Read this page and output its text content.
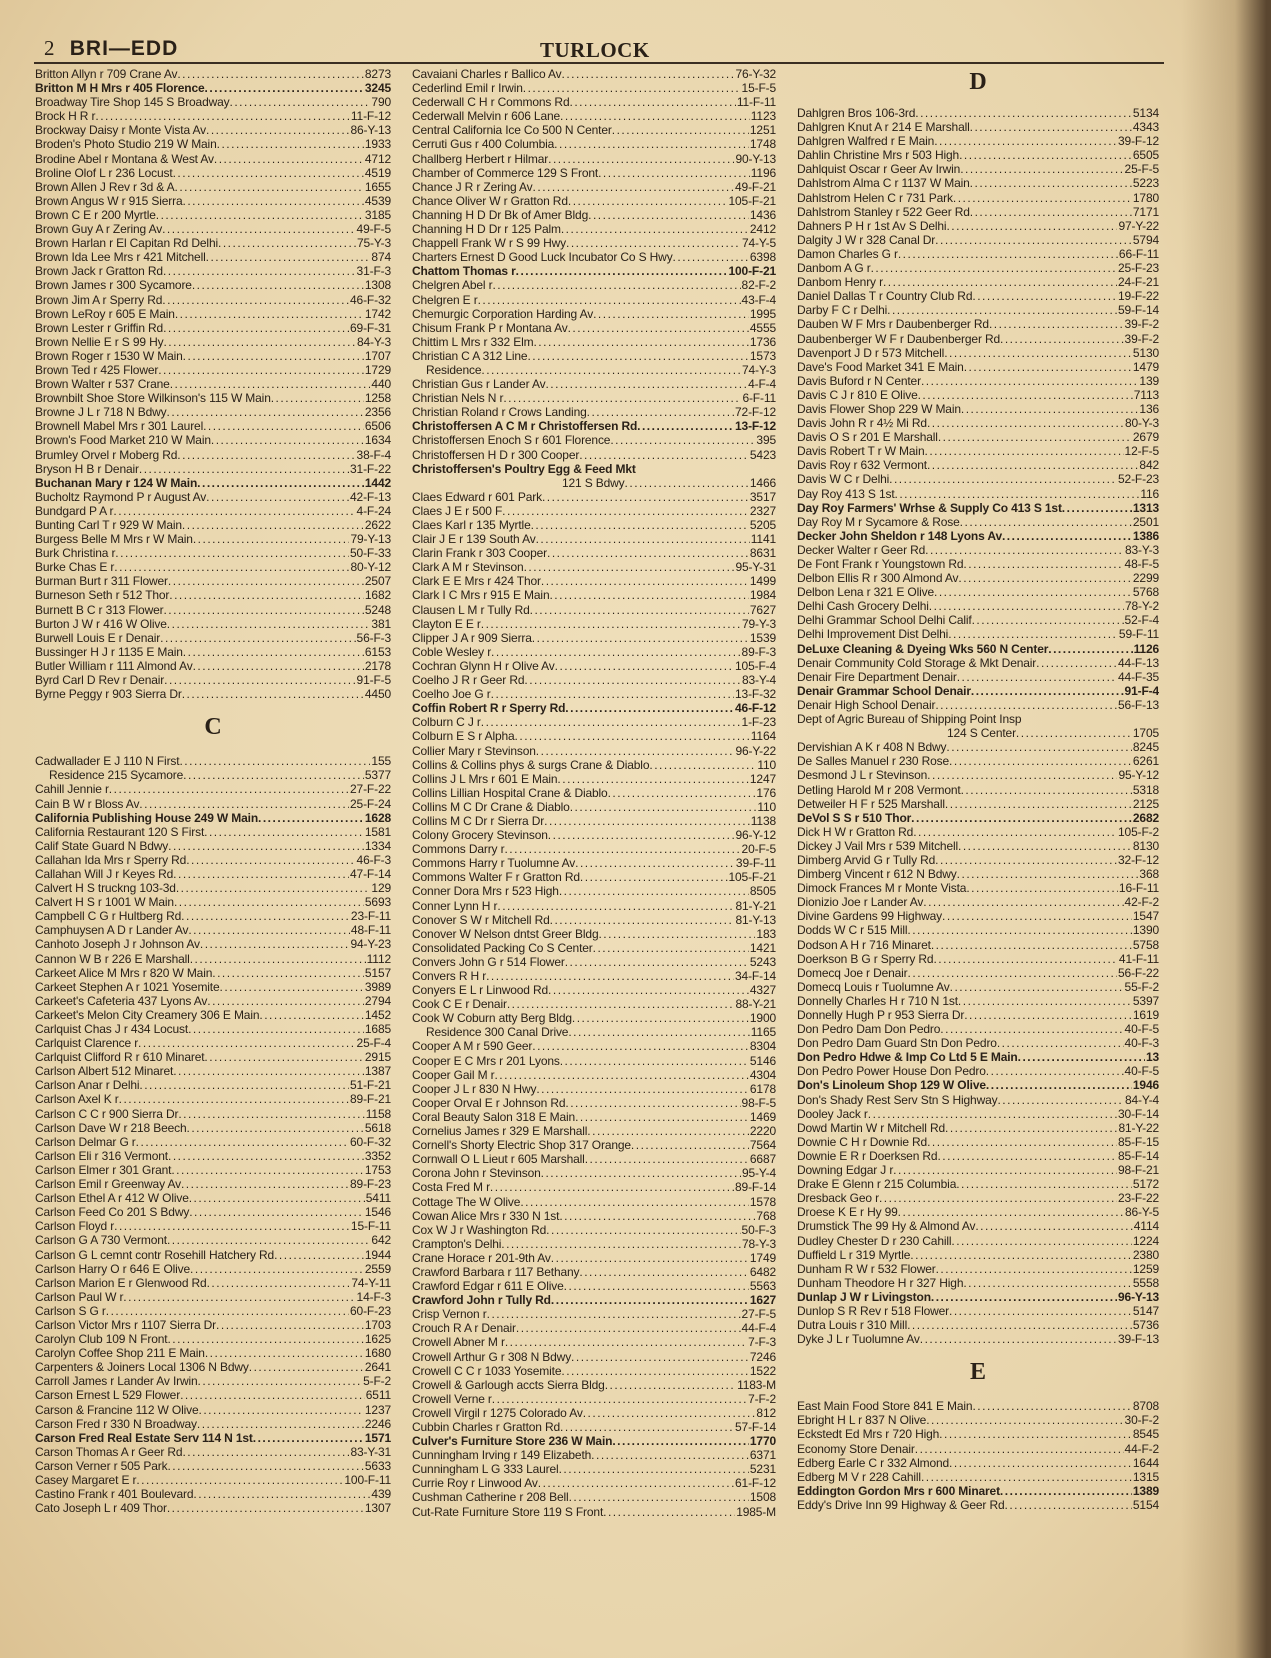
2 BRI—EDD	TURLOCK
Britton Allyn r 709 Crane Av .....	8273
Britton M H Mrs r 405 Florence .....	3245
Broadway Tire Shop 145 S Broadway .....	790
Brock H R r .....	11-F-12
Brockway Daisy r Monte Vista Av .....	86-Y-13
Broden's Photo Studio 219 W Main .....	1933
Brodine Abel r Montana & West Av .....	4712
Broline Olof L r 236 Locust .....	4519
Brown Allen J Rev r 3d & A .....	1655
Brown Angus W r 915 Sierra .....	4539
Brown C E r 200 Myrtle .....	3185
Brown Guy A r Zering Av .....	49-F-5
Brown Harlan r El Capitan Rd Delhi .....	75-Y-3
Brown Ida Lee Mrs r 421 Mitchell .....	874
Brown Jack r Gratton Rd .....	31-F-3
Brown James r 300 Sycamore .....	1308
Brown Jim A r Sperry Rd .....	46-F-32
Brown LeRoy r 605 E Main .....	1742
Brown Lester r Griffin Rd .....	69-F-31
Brown Nellie E r S 99 Hy .....	84-Y-3
Brown Roger r 1530 W Main .....	1707
Brown Ted r 425 Flower .....	1729
Brown Walter r 537 Crane .....	440
Brownbilt Shoe Store Wilkinson's 115 W Main .....	1258
Browne J L r 718 N Bdwy .....	2356
Brownell Mabel Mrs r 301 Laurel .....	6506
Brown's Food Market 210 W Main .....	1634
Brumley Orvel r Moberg Rd .....	38-F-4
Bryson H B r Denair .....	31-F-22
Buchanan Mary r 124 W Main .....	1442
Bucholtz Raymond P r August Av .....	42-F-13
Bundgard P A r .....	4-F-24
Bunting Carl T r 929 W Main .....	2622
Burgess Belle M Mrs r W Main .....	79-Y-13
Burk Christina r .....	50-F-33
Burke Chas E r .....	80-Y-12
Burman Burt r 311 Flower .....	2507
Burneson Seth r 512 Thor .....	1682
Burnett B C r 313 Flower .....	5248
Burton J W r 416 W Olive .....	381
Burwell Louis E r Denair .....	56-F-3
Bussinger H J r 1135 E Main .....	6153
Butler William r 111 Almond Av .....	2178
Byrd Carl D Rev r Denair .....	91-F-5
Byrne Peggy r 903 Sierra Dr .....	4450
C
Cadwallader E J 110 N First .....	155
Residence 215 Sycamore .....	5377
Cahill Jennie r .....	27-F-22
Cain B W r Bloss Av .....	25-F-24
California Publishing House 249 W Main .....	1628
California Restaurant 120 S First .....	1581
Calif State Guard N Bdwy .....	1334
Callahan Ida Mrs r Sperry Rd .....	46-F-3
Callahan Will J r Keyes Rd .....	47-F-14
Calvert H S truckng 103-3d .....	129
Calvert H S r 1001 W Main .....	5693
Campbell C G r Hultberg Rd .....	23-F-11
Camphuysen A D r Lander Av .....	48-F-11
Canhoto Joseph J r Johnson Av .....	94-Y-23
Cannon W B r 226 E Marshall .....	1112
Carkeet Alice M Mrs r 820 W Main .....	5157
Carkeet Stephen A r 1021 Yosemite .....	3989
Carkeet's Cafeteria 437 Lyons Av .....	2794
Carkeet's Melon City Creamery 306 E Main .....	1452
Carlquist Chas J r 434 Locust .....	1685
Carlquist Clarence r .....	25-F-4
Carlquist Clifford R r 610 Minaret .....	2915
Carlson Albert 512 Minaret .....	1387
Carlson Anar r Delhi .....	51-F-21
Carlson Axel K r .....	89-F-21
Carlson C C r 900 Sierra Dr .....	1158
Carlson Dave W r 218 Beech .....	5618
Carlson Delmar G r .....	60-F-32
Carlson Eli r 316 Vermont .....	3352
Carlson Elmer r 301 Grant .....	1753
Carlson Emil r Greenway Av .....	89-F-23
Carlson Ethel A r 412 W Olive .....	5411
Carlson Feed Co 201 S Bdwy .....	1546
Carlson Floyd r .....	15-F-11
Carlson G A 730 Vermont .....	642
Carlson G L cemnt contr Rosehill Hatchery Rd .....	1944
Carlson Harry O r 646 E Olive .....	2559
Carlson Marion E r Glenwood Rd .....	74-Y-11
Carlson Paul W r .....	14-F-3
Carlson S G r .....	60-F-23
Carlson Victor Mrs r 1107 Sierra Dr .....	1703
Carolyn Club 109 N Front .....	1625
Carolyn Coffee Shop 211 E Main .....	1680
Carpenters & Joiners Local 1306 N Bdwy .....	2641
Carroll James r Lander Av Irwin .....	5-F-2
Carson Ernest L 529 Flower .....	6511
Carson & Francine 112 W Olive .....	1237
Carson Fred r 330 N Broadway .....	2246
Carson Fred Real Estate Serv 114 N 1st .....	1571
Carson Thomas A r Geer Rd .....	83-Y-31
Carson Verner r 505 Park .....	5633
Casey Margaret E r .....	100-F-11
Castino Frank r 401 Boulevard .....	439
Cato Joseph L r 409 Thor .....	1307
Cavaiani Charles r Ballico Av .....	76-Y-32
Cederlind Emil r Irwin .....	15-F-5
Cederwall C H r Commons Rd .....	11-F-11
Cederwall Melvin r 606 Lane .....	1123
Central California Ice Co 500 N Center .....	1251
Cerruti Gus r 400 Columbia .....	1748
Challberg Herbert r Hilmar .....	90-Y-13
Chamber of Commerce 129 S Front .....	1196
Chance J R r Zering Av .....	49-F-21
Chance Oliver W r Gratton Rd .....	105-F-21
Channing H D Dr Bk of Amer Bldg .....	1436
Channing H D Dr r 125 Palm .....	2412
Chappell Frank W r S 99 Hwy .....	74-Y-5
Charters Ernest D Good Luck Incubator Co S Hwy .....	6398
Chattom Thomas r .....	100-F-21
Chelgren Abel r .....	82-F-2
Chelgren E r .....	43-F-4
Chemurgic Corporation Harding Av .....	1995
Chisum Frank P r Montana Av .....	4555
Chittim L Mrs r 332 Elm .....	1736
Christian C A 312 Line .....	1573
Residence .....	74-Y-3
Christian Gus r Lander Av .....	4-F-4
Christian Nels N r .....	6-F-11
Christian Roland r Crows Landing .....	72-F-12
Christoffersen A C M r Christoffersen Rd .....	13-F-12
Christoffersen Enoch S r 601 Florence .....	395
Christoffersen H D r 300 Cooper .....	5423
Christoffersen's Poultry Egg & Feed Mkt
121 S Bdwy .....	1466
Claes Edward r 601 Park .....	3517
Claes J E r 500 F .....	2327
Claes Karl r 135 Myrtle .....	5205
Clair J E r 139 South Av .....	1141
Clarin Frank r 303 Cooper .....	8631
Clark A M r Stevinson .....	95-Y-31
Clark E E Mrs r 424 Thor .....	1499
Clark I C Mrs r 915 E Main .....	1984
Clausen L M r Tully Rd .....	7627
Clayton E E r .....	79-Y-3
Clipper J A r 909 Sierra .....	1539
Coble Wesley r .....	89-F-3
Cochran Glynn H r Olive Av .....	105-F-4
Coelho J R r Geer Rd .....	83-Y-4
Coelho Joe G r .....	13-F-32
Coffin Robert R r Sperry Rd .....	46-F-12
Colburn C J r .....	1-F-23
Colburn E S r Alpha .....	1164
Collier Mary r Stevinson .....	96-Y-22
Collins & Collins phys & surgs Crane & Diablo .....	110
Collins J L Mrs r 601 E Main .....	1247
Collins Lillian Hospital Crane & Diablo .....	176
Collins M C Dr Crane & Diablo .....	110
Collins M C Dr r Sierra Dr .....	1138
Colony Grocery Stevinson .....	96-Y-12
Commons Darry r .....	20-F-5
Commons Harry r Tuolumne Av .....	39-F-11
Commons Walter F r Gratton Rd .....	105-F-21
Conner Dora Mrs r 523 High .....	8505
Conner Lynn H r .....	81-Y-21
Conover S W r Mitchell Rd .....	81-Y-13
Conover W Nelson dntst Greer Bldg .....	183
Consolidated Packing Co S Center .....	1421
Convers John G r 514 Flower .....	5243
Convers R H r .....	34-F-14
Conyers E L r Linwood Rd .....	4327
Cook C E r Denair .....	88-Y-21
Cook W Coburn atty Berg Bldg .....	1900
Residence 300 Canal Drive .....	1165
Cooper A M r 590 Geer .....	8304
Cooper E C Mrs r 201 Lyons .....	5146
Cooper Gail M r .....	4304
Cooper J L r 830 N Hwy .....	6178
Cooper Orval E r Johnson Rd .....	98-F-5
Coral Beauty Salon 318 E Main .....	1469
Cornelius James r 329 E Marshall .....	2220
Cornell's Shorty Electric Shop 317 Orange .....	7564
Cornwall O L Lieut r 605 Marshall .....	6687
Corona John r Stevinson .....	95-Y-4
Costa Fred M r .....	89-F-14
Cottage The W Olive .....	1578
Cowan Alice Mrs r 330 N 1st .....	768
Cox W J r Washington Rd .....	50-F-3
Crampton's Delhi .....	78-Y-3
Crane Horace r 201-9th Av .....	1749
Crawford Barbara r 117 Bethany .....	6482
Crawford Edgar r 611 E Olive .....	5563
Crawford John r Tully Rd .....	1627
Crisp Vernon r .....	27-F-5
Crouch R A r Denair .....	44-F-4
Crowell Abner M r .....	7-F-3
Crowell Arthur G r 308 N Bdwy .....	7246
Crowell C C r 1033 Yosemite .....	1522
Crowell & Garlough accts Sierra Bldg .....	1183-M
Crowell Verne r .....	7-F-2
Crowell Virgil r 1275 Colorado Av .....	812
Cubbin Charles r Gratton Rd .....	57-F-14
Culver's Furniture Store 236 W Main .....	1770
Cunningham Irving r 149 Elizabeth .....	6371
Cunningham L G 333 Laurel .....	5231
Currie Roy r Linwood Av .....	61-F-12
Cushman Catherine r 208 Bell .....	1508
Cut-Rate Furniture Store 119 S Front .....	1985-M
D
Dahlgren Bros 106-3rd .....	5134
Dahlgren Knut A r 214 E Marshall .....	4343
Dahlgren Walfred r E Main .....	39-F-12
Dahlin Christine Mrs r 503 High .....	6505
Dahlquist Oscar r Geer Av Irwin .....	25-F-5
Dahlstrom Alma C r 1137 W Main .....	5223
Dahlstrom Helen C r 731 Park .....	1780
Dahlstrom Stanley r 522 Geer Rd .....	7171
Dahners P H r 1st Av S Delhi .....	97-Y-22
Dalgity J W r 328 Canal Dr .....	5794
Damon Charles G r .....	66-F-11
Danbom A G r .....	25-F-23
Danbom Henry r .....	24-F-21
Daniel Dallas T r Country Club Rd .....	19-F-22
Darby F C r Delhi .....	59-F-14
Dauben W F Mrs r Daubenberger Rd .....	39-F-2
Daubenberger W F r Daubenberger Rd .....	39-F-2
Davenport J D r 573 Mitchell .....	5130
Dave's Food Market 341 E Main .....	1479
Davis Buford r N Center .....	139
Davis C J r 810 E Olive .....	7113
Davis Flower Shop 229 W Main .....	136
Davis John R r 4½ Mi Rd .....	80-Y-3
Davis O S r 201 E Marshall .....	2679
Davis Robert T r W Main .....	12-F-5
Davis Roy r 632 Vermont .....	842
Davis W C r Delhi .....	52-F-23
Day Roy 413 S 1st .....	116
Day Roy Farmers' Wrhse & Supply Co 413 S 1st .....	1313
Day Roy M r Sycamore & Rose .....	2501
Decker John Sheldon r 148 Lyons Av .....	1386
Decker Walter r Geer Rd .....	83-Y-3
De Font Frank r Youngstown Rd .....	48-F-5
Delbon Ellis R r 300 Almond Av .....	2299
Delbon Lena r 321 E Olive .....	5768
Delhi Cash Grocery Delhi .....	78-Y-2
Delhi Grammar School Delhi Calif .....	52-F-4
Delhi Improvement Dist Delhi .....	59-F-11
DeLuxe Cleaning & Dyeing Wks 560 N Center .....	1126
Denair Community Cold Storage & Mkt Denair .....	44-F-13
Denair Fire Department Denair .....	44-F-35
Denair Grammar School Denair .....	91-F-4
Denair High School Denair .....	56-F-13
Dept of Agric Bureau of Shipping Point Insp
124 S Center .....	1705
Dervishian A K r 408 N Bdwy .....	8245
De Salles Manuel r 230 Rose .....	6261
Desmond J L r Stevinson .....	95-Y-12
Detling Harold M r 208 Vermont .....	5318
Detweiler H F r 525 Marshall .....	2125
DeVol S S r 510 Thor .....	2682
Dick H W r Gratton Rd .....	105-F-2
Dickey J Vail Mrs r 539 Mitchell .....	8130
Dimberg Arvid G r Tully Rd .....	32-F-12
Dimberg Vincent r 612 N Bdwy .....	368
Dimock Frances M r Monte Vista .....	16-F-11
Dionizio Joe r Lander Av .....	42-F-2
Divine Gardens 99 Highway .....	1547
Dodds W C r 515 Mill .....	1390
Dodson A H r 716 Minaret .....	5758
Doerkson B G r Sperry Rd .....	41-F-11
Domecq Joe r Denair .....	56-F-22
Domecq Louis r Tuolumne Av .....	55-F-2
Donnelly Charles H r 710 N 1st .....	5397
Donnelly Hugh P r 953 Sierra Dr .....	1619
Don Pedro Dam Don Pedro .....	40-F-5
Don Pedro Dam Guard Stn Don Pedro .....	40-F-3
Don Pedro Hdwe & Imp Co Ltd 5 E Main .....	13
Don Pedro Power House Don Pedro .....	40-F-5
Don's Linoleum Shop 129 W Olive .....	1946
Don's Shady Rest Serv Stn S Highway .....	84-Y-4
Dooley Jack r .....	30-F-14
Dowd Martin W r Mitchell Rd .....	81-Y-22
Downie C H r Downie Rd .....	85-F-15
Downie E R r Doerksen Rd .....	85-F-14
Downing Edgar J r .....	98-F-21
Drake E Glenn r 215 Columbia .....	5172
Dresback Geo r .....	23-F-22
Droese K E r Hy 99 .....	86-Y-5
Drumstick The 99 Hy & Almond Av .....	4114
Dudley Chester D r 230 Cahill .....	1224
Duffield L r 319 Myrtle .....	2380
Dunham R W r 532 Flower .....	1259
Dunham Theodore H r 327 High .....	5558
Dunlap J W r Livingston .....	96-Y-13
Dunlop S R Rev r 518 Flower .....	5147
Dutra Louis r 310 Mill .....	5736
Dyke J L r Tuolumne Av .....	39-F-13
E
East Main Food Store 841 E Main .....	8708
Ebright H L r 837 N Olive .....	30-F-2
Eckstedt Ed Mrs r 720 High .....	8545
Economy Store Denair .....	44-F-2
Edberg Earle C r 332 Almond .....	1644
Edberg M V r 228 Cahill .....	1315
Eddington Gordon Mrs r 600 Minaret .....	1389
Eddy's Drive Inn 99 Highway & Geer Rd .....	5154
